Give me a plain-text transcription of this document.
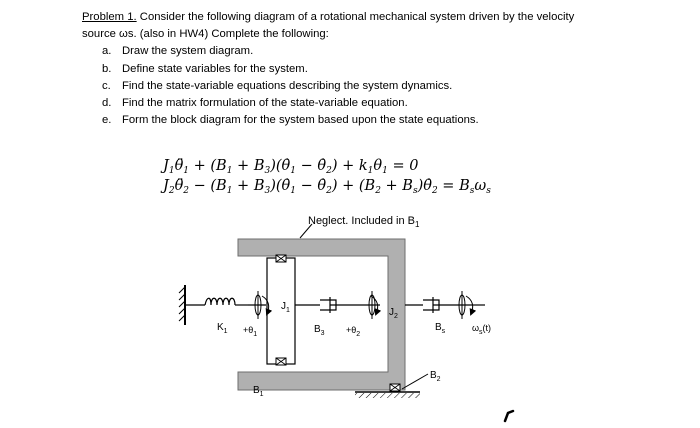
Problem 1. Consider the following diagram of a rotational mechanical system driven by the velocity

source ωs. (also in HW4) Complete the following:

a. Draw the system diagram.
b. Define state variables for the system.
c. Find the state-variable equations describing the system dynamics.
d. Find the matrix formulation of the state-variable equation.
e. Form the block diagram for the system based upon the state equations.
$J_1\thetä_1 + (B_1$ + $B_3)(\thetȧ_1$ − $\thetȧ_2) + k_1\theta_1 = 0$
$J_2\thetä_2 - (B_1$ + $B_3)(\thetȧ_1$ − $\thetȧ_2) + (B_2$ + $B_s)\thetȧ_2 = B_s\omega_s$
Neglect. Included in $B_1$
$K_1 +\theta_1$
$J_1$
$B_3 +\theta_2$
$J_2$
$B_s$	$\omega_s(t)$
$B_2$
$B_1$
